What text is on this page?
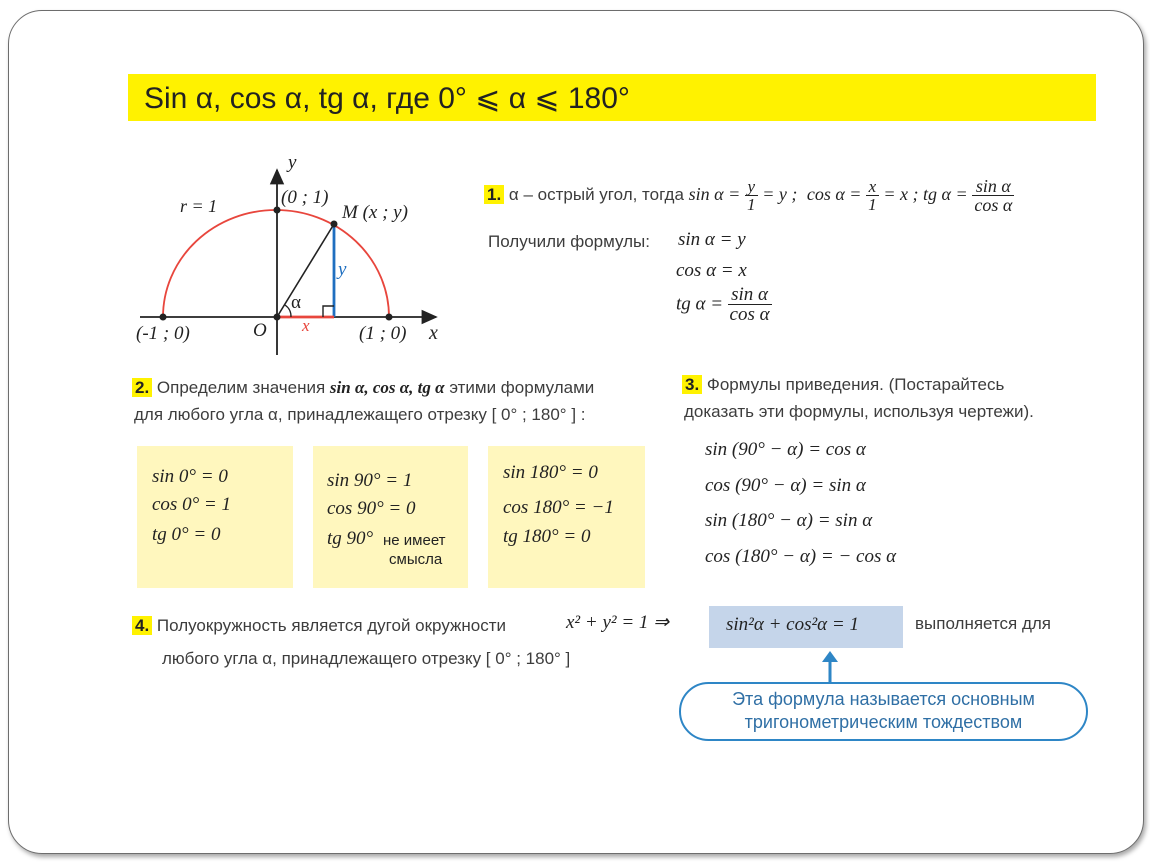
Sin α, cos α, tg α, где 0° ⩽ α ⩽ 180°
y
x
r = 1	(0 ; 1)
M (x ; y)
(-1 ; 0)	O	(1 ; 0)
α
y
x
1. α – острый угол, тогда $\sin \alpha = \frac{y}{1} = y$ ; $\cos \alpha = \frac{x}{1} = x$ ; tg $\alpha = \frac{\text{sin α}}{\text{cos α}}$
Получили формулы: sin α = y
cos α = x
tg $\alpha = \frac{\text{sin α}}{\text{cos α}}$
2. Определим значения sin α, cos α, tg α этими формулами
для любого угла α, принадлежащего отрезку [ 0° ; 180° ] :
sin 0° = 0
cos 0° = 1
tg 0° = 0
sin 90° = 1
cos 90° = 0
tg 90° не имеет
смысла
sin 180° = 0
cos 180° = −1
tg 180° = 0
3. Формулы приведения. (Постарайтесь
доказать эти формулы, используя чертежи).
sin (90° − α) = cos α
cos (90° − α) = sin α
sin (180° − α) = sin α
cos (180° − α) = − cos α
4. Полуокружность является дугой окружности	x² + y² = 1 ⇒	sin²α + cos²α = 1	выполняется для
любого угла α, принадлежащего отрезку [ 0° ; 180° ]
Эта формула называется основным
тригонометрическим тождеством
